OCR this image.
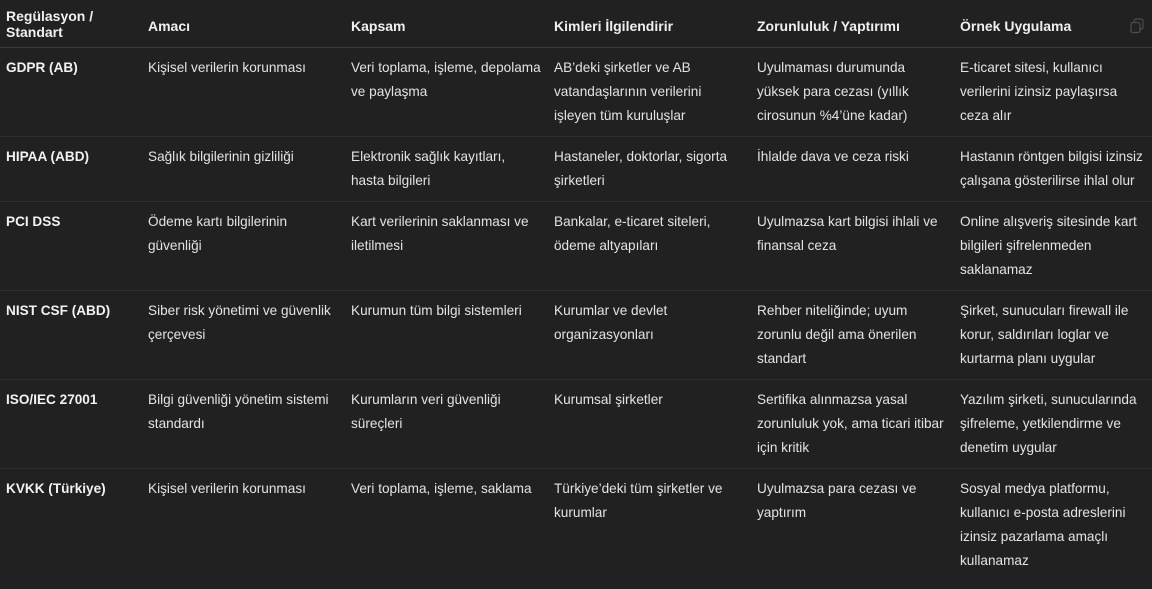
Regülasyon / Standart	Amacı	Kapsam	Kimleri İlgilendirir	Zorunluluk / Yaptırımı	Örnek Uygulama
GDPR (AB)	Kişisel verilerin korunması	Veri toplama, işleme, depolama ve paylaşma	AB’deki şirketler ve AB vatandaşlarının verilerini işleyen tüm kuruluşlar	Uyulmaması durumunda yüksek para cezası (yıllık cirosunun %4’üne kadar)	E-ticaret sitesi, kullanıcı verilerini izinsiz paylaşırsa ceza alır
HIPAA (ABD)	Sağlık bilgilerinin gizliliği	Elektronik sağlık kayıtları, hasta bilgileri	Hastaneler, doktorlar, sigorta şirketleri	İhlalde dava ve ceza riski	Hastanın röntgen bilgisi izinsiz çalışana gösterilirse ihlal olur
PCI DSS	Ödeme kartı bilgilerinin güvenliği	Kart verilerinin saklanması ve iletilmesi	Bankalar, e-ticaret siteleri, ödeme altyapıları	Uyulmazsa kart bilgisi ihlali ve finansal ceza	Online alışveriş sitesinde kart bilgileri şifrelenmeden saklanamaz
NIST CSF (ABD)	Siber risk yönetimi ve güvenlik çerçevesi	Kurumun tüm bilgi sistemleri	Kurumlar ve devlet organizasyonları	Rehber niteliğinde; uyum zorunlu değil ama önerilen standart	Şirket, sunucuları firewall ile korur, saldırıları loglar ve kurtarma planı uygular
ISO/IEC 27001	Bilgi güvenliği yönetim sistemi standardı	Kurumların veri güvenliği süreçleri	Kurumsal şirketler	Sertifika alınmazsa yasal zorunluluk yok, ama ticari itibar için kritik	Yazılım şirketi, sunucularında şifreleme, yetkilendirme ve denetim uygular
KVKK (Türkiye)	Kişisel verilerin korunması	Veri toplama, işleme, saklama	Türkiye’deki tüm şirketler ve kurumlar	Uyulmazsa para cezası ve yaptırım	Sosyal medya platformu, kullanıcı e-posta adreslerini izinsiz pazarlama amaçlı kullanamaz
